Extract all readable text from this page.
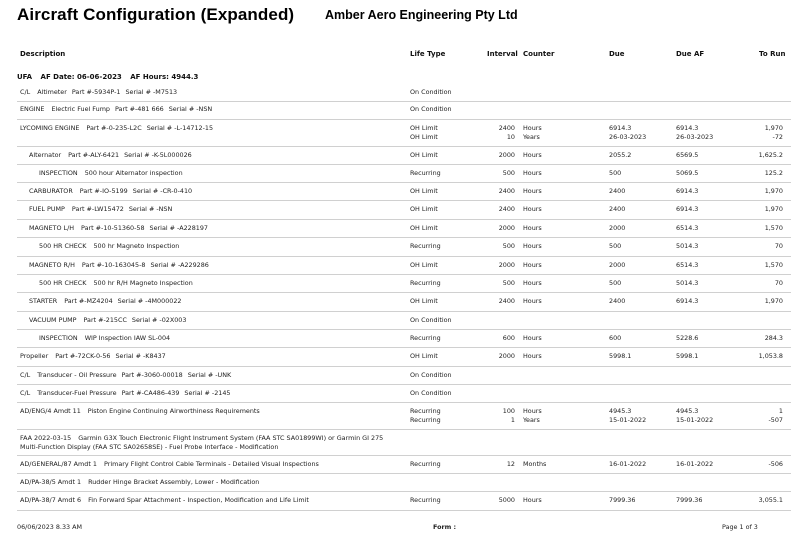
Aircraft Configuration (Expanded) Amber Aero Engineering Pty Ltd
Description	Life Type	Interval Counter	Due	Due AF	To Run
UFA AF Date: 06-06-2023 AF Hours: 4944.3
C/L Altimeter Part #-5934P-1 Serial # -M7513	On Condition
ENGINE Electric Fuel Fump Part #-481 666 Serial # -NSN	On Condition
LYCOMING ENGINE Part #-0-235-L2C Serial # -L-14712-15	OH Limit	2400 Hours	6914.3	6914.3	1,970
OH Limit	10 Years	26-03-2023	26-03-2023	-72
Alternator Part #-ALY-6421 Serial # -K-5L000026	OH Limit	2000 Hours	2055.2	6569.5	1,625.2
INSPECTION 500 hour Alternator inspection	Recurring	500 Hours	500	5069.5	125.2
CARBURATOR Part #-IO-5199 Serial # -CR-0-410	OH Limit	2400 Hours	2400	6914.3	1,970
FUEL PUMP Part #-LW15472 Serial # -NSN	OH Limit	2400 Hours	2400	6914.3	1,970
MAGNETO L/H Part #-10-51360-58 Serial # -A228197	OH Limit	2000 Hours	2000	6514.3	1,570
500 HR CHECK 500 hr Magneto Inspection	Recurring	500 Hours	500	5014.3	70
MAGNETO R/H Part #-10-163045-8 Serial # -A229286	OH Limit	2000 Hours	2000	6514.3	1,570
500 HR CHECK 500 hr R/H Magneto Inspection	Recurring	500 Hours	500	5014.3	70
STARTER Part #-MZ4204 Serial # -4M000022	OH Limit	2400 Hours	2400	6914.3	1,970
VACUUM PUMP Part #-215CC Serial # -02X003	On Condition
INSPECTION WIP Inspection IAW SL-004	Recurring	600 Hours	600	5228.6	284.3
Propeller Part #-72CK-0-56 Serial # -K8437	OH Limit	2000 Hours	5998.1	5998.1	1,053.8
C/L Transducer - Oil Pressure Part #-3060-00018 Serial # -UNK	On Condition
C/L Transducer-Fuel Pressure Part #-CA486-439 Serial # -2145	On Condition
AD/ENG/4 Amdt 11 Piston Engine Continuing Airworthiness Requirements	Recurring	100 Hours	4945.3	4945.3	1
Recurring	1 Years	15-01-2022	15-01-2022	-507
FAA 2022-03-15 Garmin G3X Touch Electronic Flight Instrument System (FAA STC SA01899WI) or Garmin GI 275 Multi-Function Display (FAA STC SA02658SE) - Fuel Probe Interface - Modification
AD/GENERAL/87 Amdt 1 Primary Flight Control Cable Terminals - Detailed Visual Inspections	Recurring	12 Months	16-01-2022	16-01-2022	-506
AD/PA-38/5 Amdt 1 Rudder Hinge Bracket Assembly, Lower - Modification
AD/PA-38/7 Amdt 6 Fin Forward Spar Attachment - Inspection, Modification and Life Limit	Recurring	5000 Hours	7999.36	7999.36	3,055.1
06/06/2023 8.33 AM	Form :	Page 1 of 3
